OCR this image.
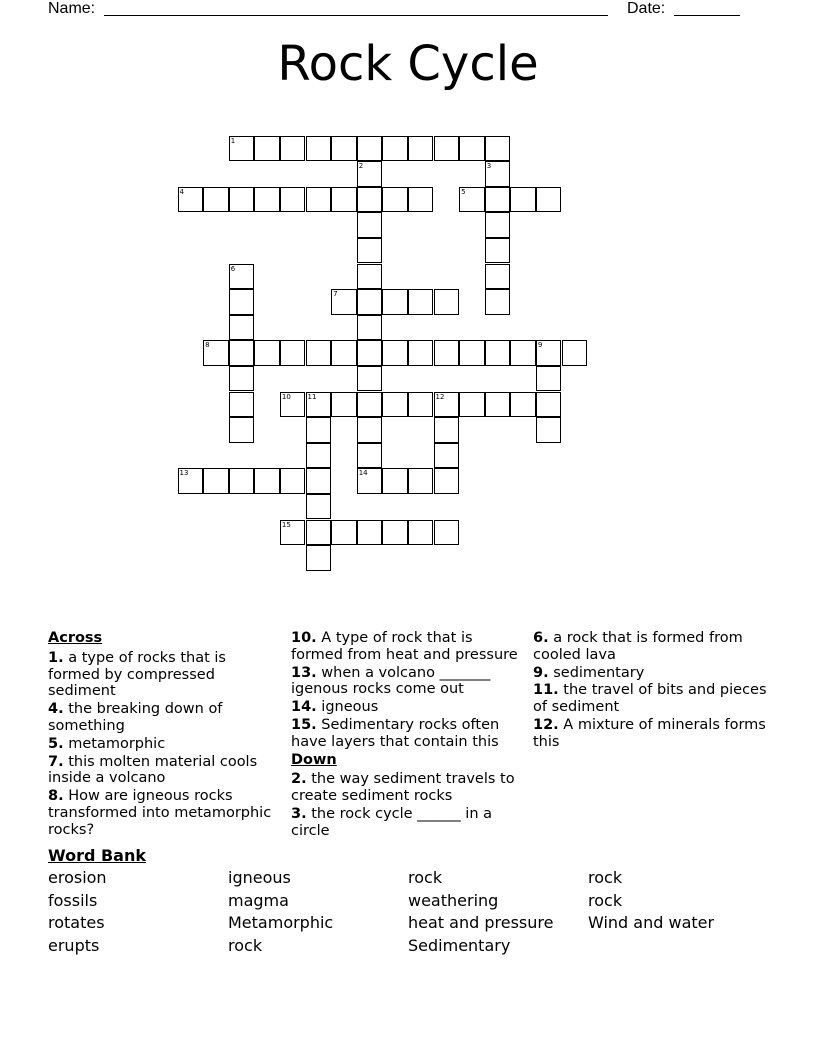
Name:	Date:
Rock Cycle
1
4	5
7
8	9
10 11	12
13	14
15
2	3
6
Across
1. a type of rocks that is formed by compressed sediment
4. the breaking down of something
5. metamorphic
7. this molten material cools inside a volcano
8. How are igneous rocks transformed into metamorphic rocks?
10. A type of rock that is formed from heat and pressure
13. when a volcano _______ igenous rocks come out
14. igneous
15. Sedimentary rocks often have layers that contain this
Down
2. the way sediment travels to create sediment rocks
3. the rock cycle ______ in a circle
6. a rock that is formed from cooled lava
9. sedimentary
11. the travel of bits and pieces of sediment
12. A mixture of minerals forms this
Word Bank
erosion	igneous	rock	rock
fossils	magma	weathering	rock
rotates	Metamorphic	heat and pressure	Wind and water
erupts	rock	Sedimentary
